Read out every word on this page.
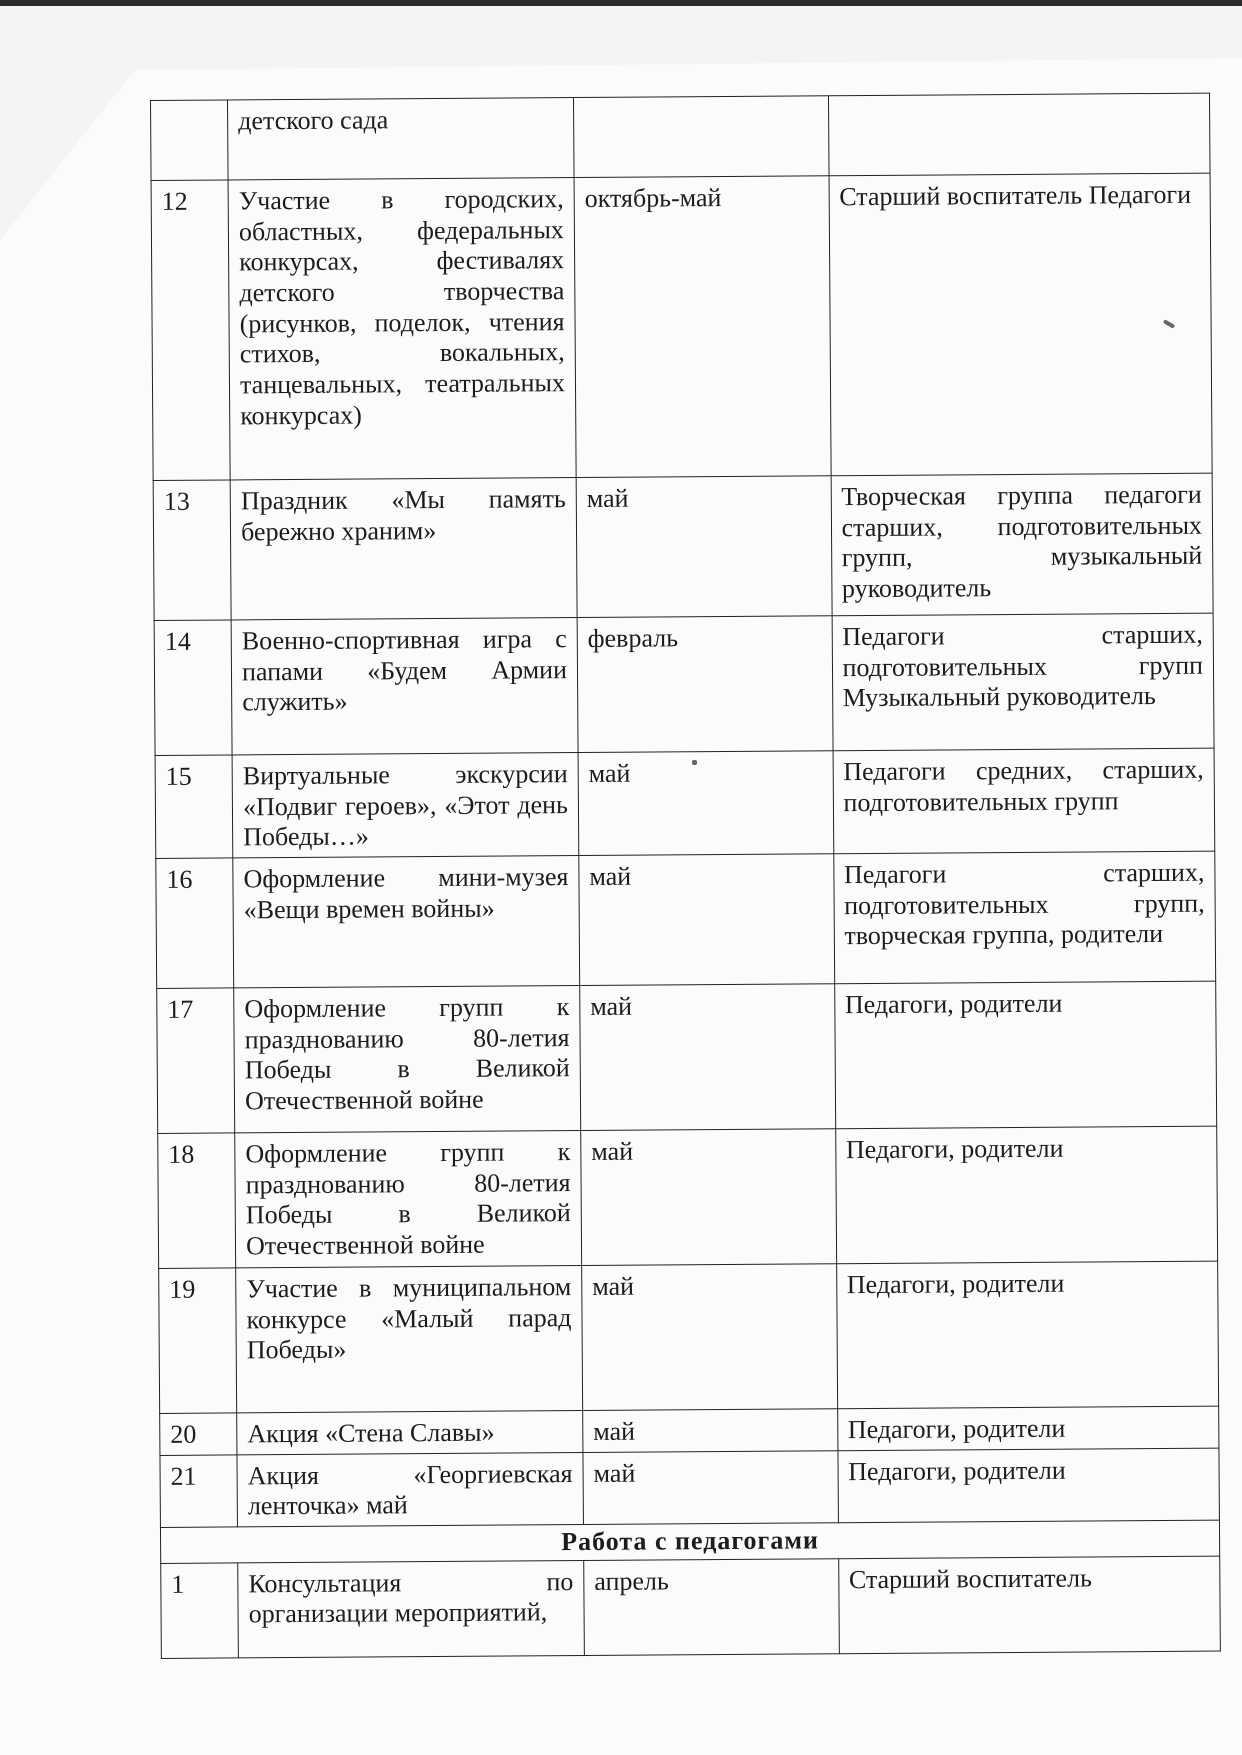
	детского сада		
12	Участие в городских, областных, федеральных конкурсах, фестивалях детского творчества (рисунков, поделок, чтения стихов, вокальных, танцевальных, театральных конкурсах)	октябрь-май	Старший воспитатель Педагоги
13	Праздник «Мы память бережно храним»	май	Творческая группа педагоги старших, подготовительных групп, музыкальный руководитель
14	Военно-спортивная игра с папами «Будем Армии служить»	февраль	Педагоги старших, подготовительных групп Музыкальный руководитель
15	Виртуальные экскурсии «Подвиг героев», «Этот день Победы…»	май	Педагоги средних, старших, подготовительных групп
16	Оформление мини-музея «Вещи времен войны»	май	Педагоги старших, подготовительных групп, творческая группа, родители
17	Оформление групп к празднованию 80-летия Победы в Великой Отечественной войне	май	Педагоги, родители
18	Оформление групп к празднованию 80-летия Победы в Великой Отечественной войне	май	Педагоги, родители
19	Участие в муниципальном конкурсе «Малый парад Победы»	май	Педагоги, родители
20	Акция «Стена Славы»	май	Педагоги, родители
21	Акция «Георгиевская ленточка» май	май	Педагоги, родители
Работа с педагогами			
1	Консультация по организации мероприятий,	апрель	Старший воспитатель
